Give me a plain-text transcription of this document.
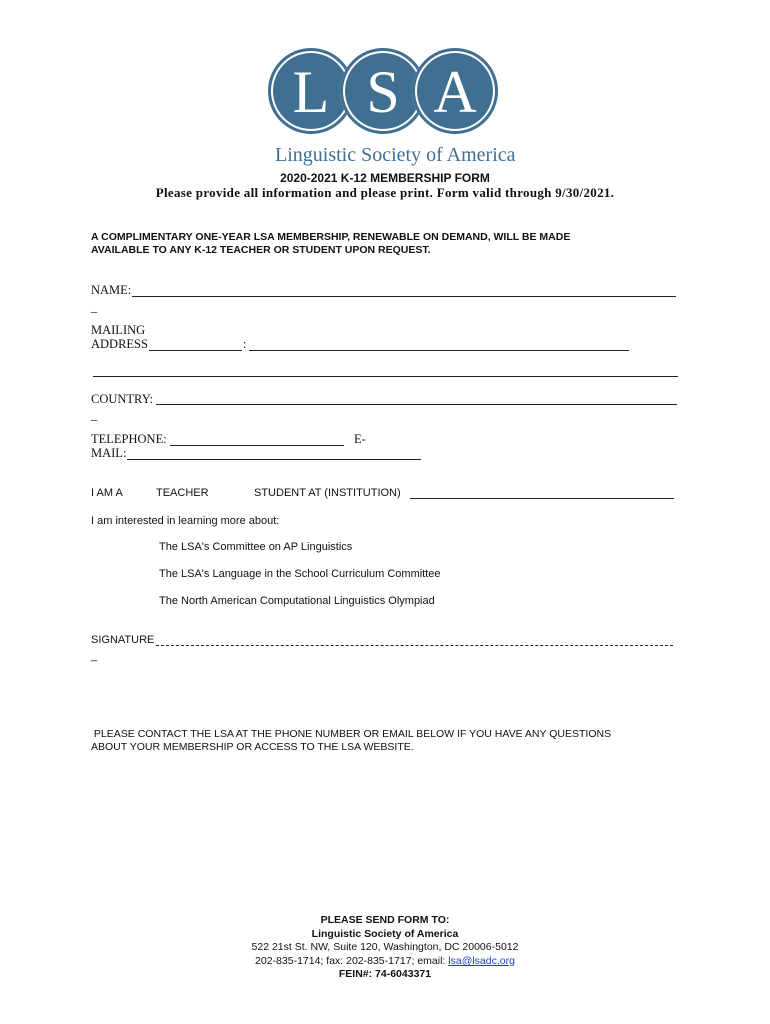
L S A
Linguistic Society of America
2020-2021 K-12 MEMBERSHIP FORM
Please provide all information and please print. Form valid through 9/30/2021.
A COMPLIMENTARY ONE-YEAR LSA MEMBERSHIP, RENEWABLE ON DEMAND, WILL BE MADE
AVAILABLE TO ANY K-12 TEACHER OR STUDENT UPON REQUEST.
NAME:
_
MAILING
ADDRESS	:
COUNTRY:
_
TELEPHONE:	E-
MAIL:
I AM A	TEACHER	STUDENT AT (INSTITUTION)
I am interested in learning more about:
The LSA's Committee on AP Linguistics
The LSA's Language in the School Curriculum Committee
The North American Computational Linguistics Olympiad
SIGNATURE
_
PLEASE CONTACT THE LSA AT THE PHONE NUMBER OR EMAIL BELOW IF YOU HAVE ANY QUESTIONS
ABOUT YOUR MEMBERSHIP OR ACCESS TO THE LSA WEBSITE.
PLEASE SEND FORM TO:
Linguistic Society of America
522 21st St. NW, Suite 120, Washington, DC 20006-5012
202-835-1714; fax: 202-835-1717; email: lsa@lsadc.org
FEIN#: 74-6043371
